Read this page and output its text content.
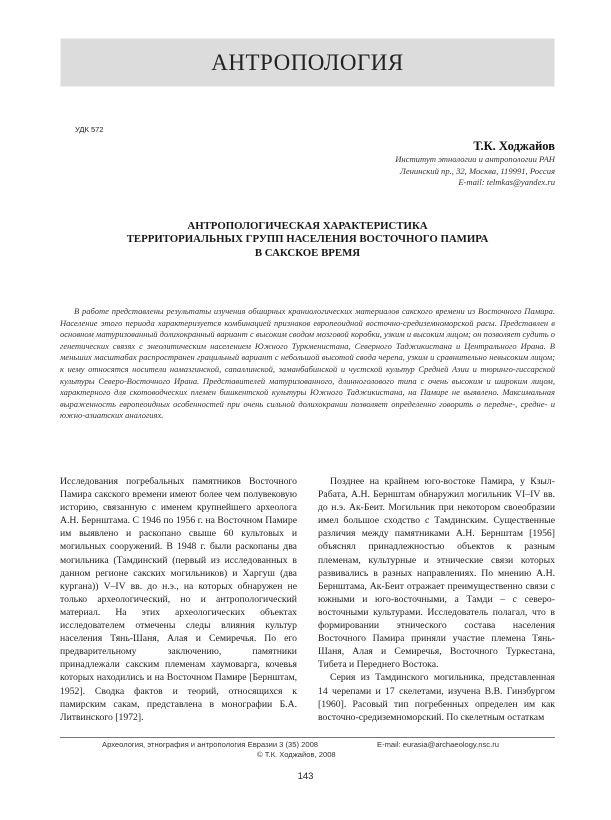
АНТРОПОЛОГИЯ
УДК 572
Т.К. Ходжайов
Институт этнологии и антропологии РАН
Ленинский пр., 32, Москва, 119991, Россия
E-mail: telmkas@yandex.ru
АНТРОПОЛОГИЧЕСКАЯ ХАРАКТЕРИСТИКА
ТЕРРИТОРИАЛЬНЫХ ГРУПП НАСЕЛЕНИЯ ВОСТОЧНОГО ПАМИРА
В САКСКОЕ ВРЕМЯ
В работе представлены результаты изучения обширных краниологических материалов сакского времени из Восточного Памира. Население этого периода характеризуется комбинацией признаков европеоидной восточно-средиземноморской расы. Представлен в основном матуризованный долихокранный вариант с высоким сводом мозговой коробки, узким и высоким лицом; он позволяет судить о генетических связях с энеолитическим населением Южного Туркменистана, Северного Таджикистана и Центрального Ирана. В меньших масштабах распространен грацильный вариант с небольшой высотой свода черепа, узким и сравнительно невысоким лицом; к нему относятся носители намазгинской, сапаллинской, заманбабинской и чустской культур Средней Азии и тюринго-гиссарской культуры Северо-Восточного Ирана. Представителей матуризованного, длинноголового типа с очень высоким и широким лицом, характерного для скотоводческих племен бишкентской культуры Южного Таджикистана, на Памире не выявлено. Максимальная выраженность европеоидных особенностей при очень сильной долихокрании позволяет определенно говорить о передне-, средне- и южно-азиатских аналогиях.

Исследования погребальных памятников Восточного Памира сакского времени имеют более чем полувековую историю, связанную с именем крупнейшего археолога А.Н. Бернштама. С 1946 по 1956 г. на Восточном Памире им выявлено и раскопано свыше 60 культовых и могильных сооружений. В 1948 г. были раскопаны два могильника (Тамдинский (первый из исследованных в данном регионе сакских могильников) и Харгуш (два кургана)) V–IV вв. до н.э., на которых обнаружен не только археологический, но и антропологический материал. На этих археологических объектах исследователем отмечены следы влияния культур населения Тянь-Шаня, Алая и Семиречья. По его предварительному заключению, памятники принадлежали сакским племенам хаумоварга, кочевья которых находились и на Восточном Памире [Бернштам, 1952]. Сводка фактов и теорий, относящихся к памирским сакам, представлена в монографии Б.А. Литвинского [1972].

Позднее на крайнем юго-востоке Памира, у Кзыл-Рабата, А.Н. Бернштам обнаружил могильник VI–IV вв. до н.э. Ак-Беит. Могильник при некотором своеобразии имел большое сходство с Тамдинским. Существенные различия между памятниками А.Н. Бернштам [1956] объяснял принадлежностью объектов к разным племенам, культурные и этнические связи которых развивались в разных направлениях. По мнению А.Н. Бернштама, Ак-Беит отражает преимущественно связи с южными и юго-восточными, а Тамди – с северо-восточными культурами. Исследователь полагал, что в формировании этнического состава населения Восточного Памира приняли участие племена Тянь-Шаня, Алая и Семиречья, Восточного Туркестана, Тибета и Переднего Востока.

Серия из Тамдинского могильника, представленная 14 черепами и 17 скелетами, изучена В.В. Гинзбургом [1960]. Расовый тип погребенных определен им как восточно-средиземноморский. По скелетным остаткам

Археология, этнография и антропология Евразии 3 (35) 2008	E-mail: eurasia@archaeology.nsc.ru
© Т.К. Ходжайов, 2008
143
